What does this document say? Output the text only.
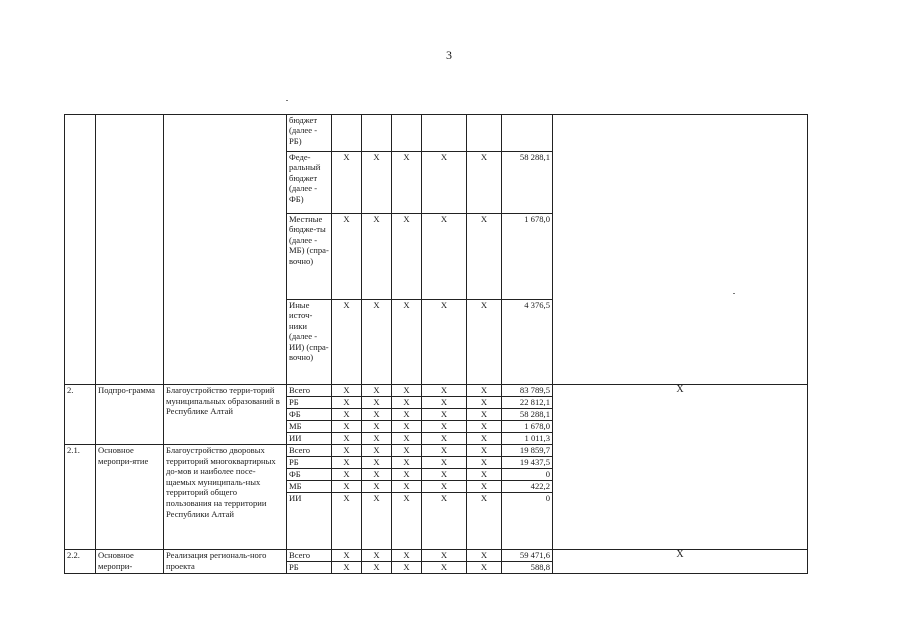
3
			бюджет (далее - РБ)							
			Феде-ральный бюджет (далее - ФБ)	X	X	X	X	X	58 288,1	
			Местные бюдже-ты (далее - МБ) (спра-вочно)	X	X	X	X	X	1 678,0	
			Иные источ-ники (далее - ИИ) (спра-вочно)	X	X	X	X	X	4 376,5	
2.	Подпро-грамма	Благоустройство терри-торий муниципальных образований в Республике Алтай	Всего	X	X	X	X	X	83 789,5	X
			РБ	X	X	X	X	X	22 812,1	
			ФБ	X	X	X	X	X	58 288,1	
			МБ	X	X	X	X	X	1 678,0	
			ИИ	X	X	X	X	X	1 011,3	
2.1.	Основное меропри-ятие	Благоустройство дворовых территорий многоквартирных до-мов и наиболее посе-щаемых муниципаль-ных территорий общего пользования на территории Республики Алтай	Всего	X	X	X	X	X	19 859,7	
			РБ	X	X	X	X	X	19 437,5	
			ФБ	X	X	X	X	X	0	
			МБ	X	X	X	X	X	422,2	
			ИИ	X	X	X	X	X	0	
2.2.	Основное меропри-	Реализация региональ-ного проекта	Всего	X	X	X	X	X	59 471,6	X
			РБ	X	X	X	X	X	588,8	
